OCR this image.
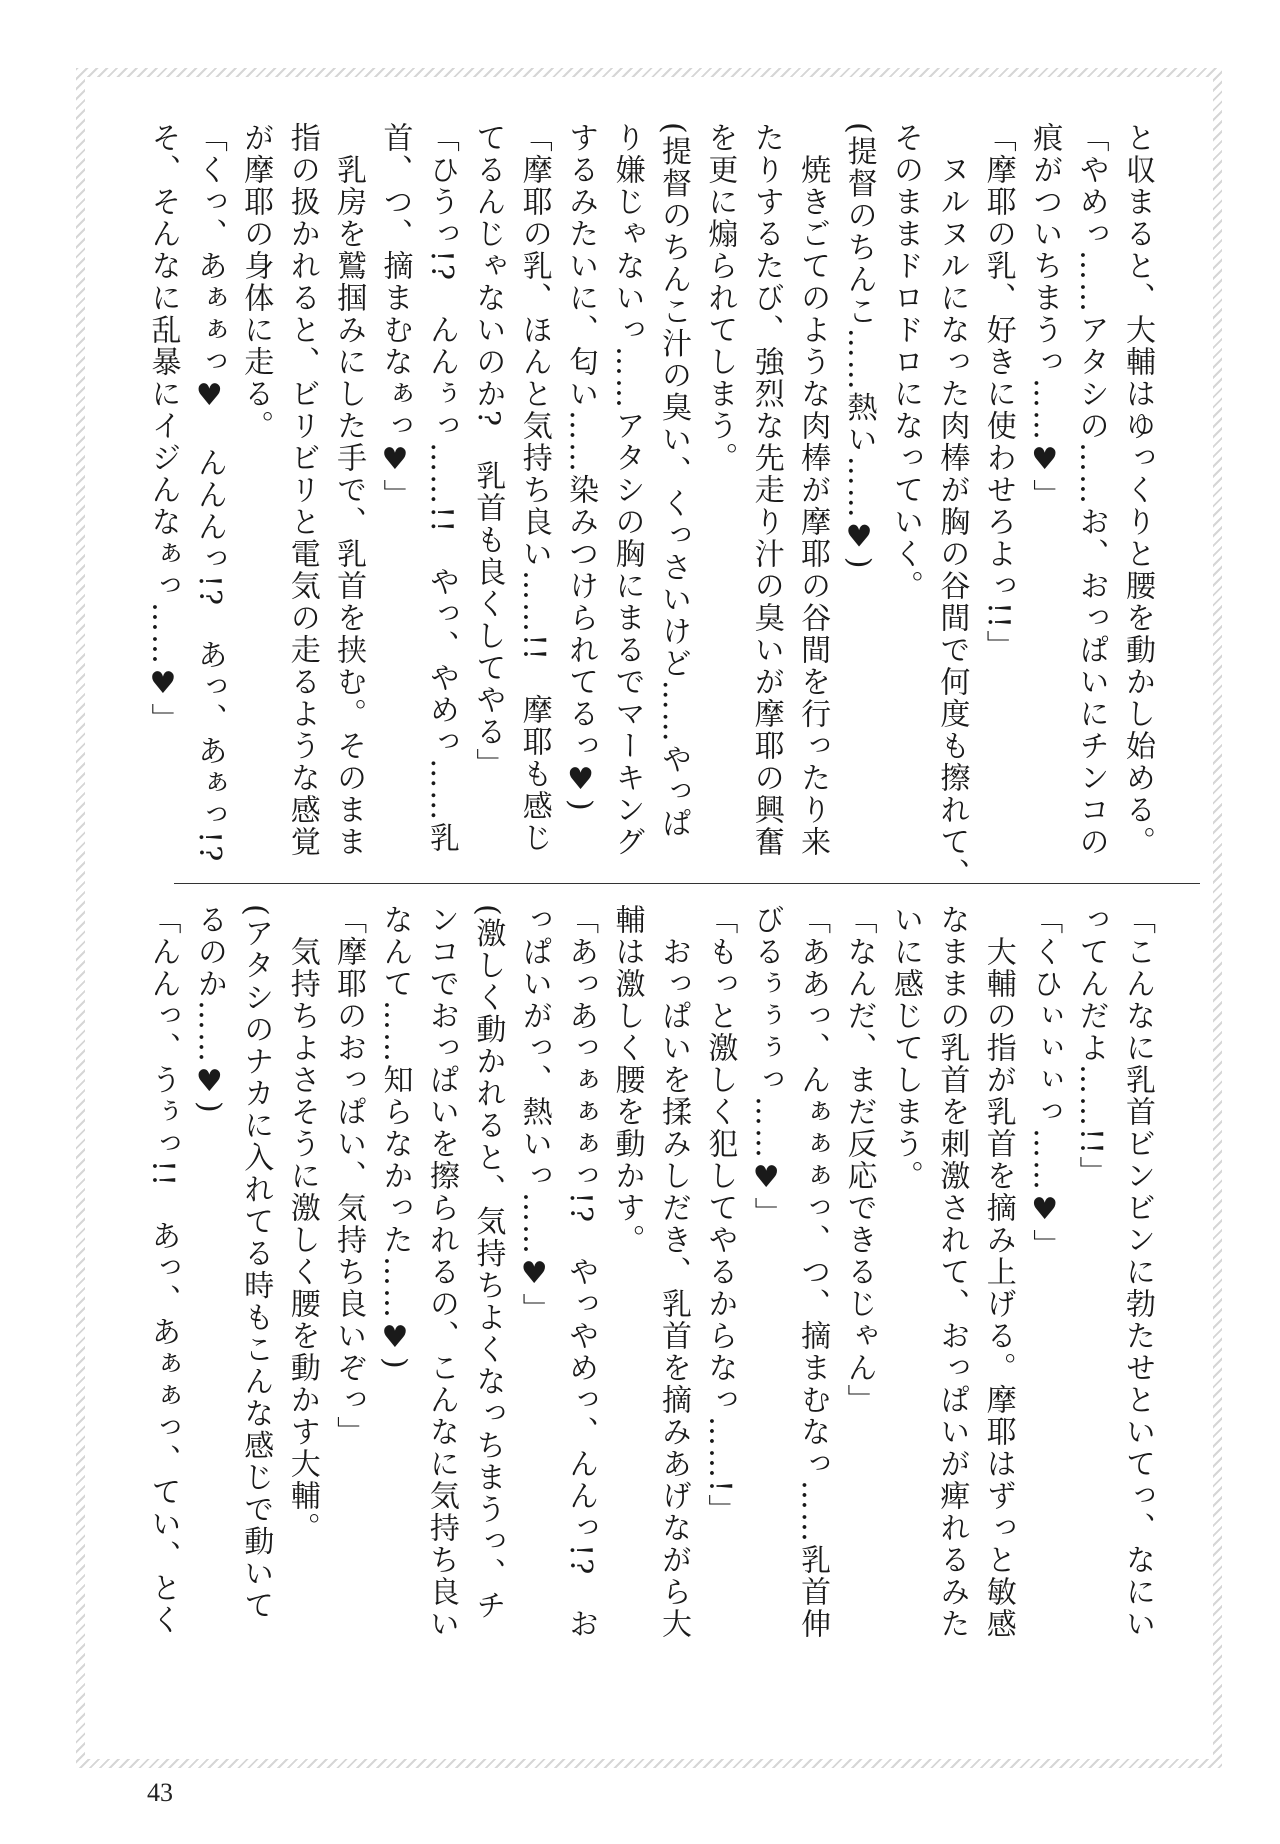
と収まると、大輔はゆっくりと腰を動かし始める。
「やめっ……アタシの……お、おっぱいにチンコの
痕がついちまうっ……♥」
「摩耶の乳、好きに使わせろよっ!!」
　ヌルヌルになった肉棒が胸の谷間で何度も擦れて、
そのままドロドロになっていく。
(提督のちんこ……熱い……♥)
　焼きごてのような肉棒が摩耶の谷間を行ったり来
たりするたび、強烈な先走り汁の臭いが摩耶の興奮
を更に煽られてしまう。
(提督のちんこ汁の臭い、くっさいけど……やっぱ
り嫌じゃないっ……アタシの胸にまるでマーキング
するみたいに、匂い……染みつけられてるっ♥)
「摩耶の乳、ほんと気持ち良い……!!　摩耶も感じ
てるんじゃないのか?　乳首も良くしてやる」
「ひうっ!?　んんぅっ……!!　やっ、やめっ……乳
首、つ、摘まむなぁっ♥」
　乳房を鷲掴みにした手で、乳首を挟む。そのまま
指の扱かれると、ビリビリと電気の走るような感覚
が摩耶の身体に走る。
「くっ、あぁぁっ♥　んんんっ!?　あっ、あぁっ!?
そ、そんなに乱暴にイジんなぁっ……♥」
「こんなに乳首ビンビンに勃たせといてっ、なにい
ってんだよ……!!」
「くひぃぃぃっ……♥」
　大輔の指が乳首を摘み上げる。摩耶はずっと敏感
なままの乳首を刺激されて、おっぱいが痺れるみた
いに感じてしまう。
「なんだ、まだ反応できるじゃん」
「ああっ、んぁぁぁっ、つ、摘まむなっ……乳首伸
びるぅぅぅっ……♥」
「もっと激しく犯してやるからなっ……!」
　おっぱいを揉みしだき、乳首を摘みあげながら大
輔は激しく腰を動かす。
「あっあっぁぁぁっ!?　やっやめっ、んんっ!?　お
っぱいがっ、熱いっ……♥」
(激しく動かれると、気持ちよくなっちまうっ、チ
ンコでおっぱいを擦られるの、こんなに気持ち良い
なんて……知らなかった……♥)
「摩耶のおっぱい、気持ち良いぞっ」
　気持ちよさそうに激しく腰を動かす大輔。
(アタシのナカに入れてる時もこんな感じで動いて
るのか……♥)
「んんっ、うぅっ!!　あっ、あぁぁっ、てい、とく
43
